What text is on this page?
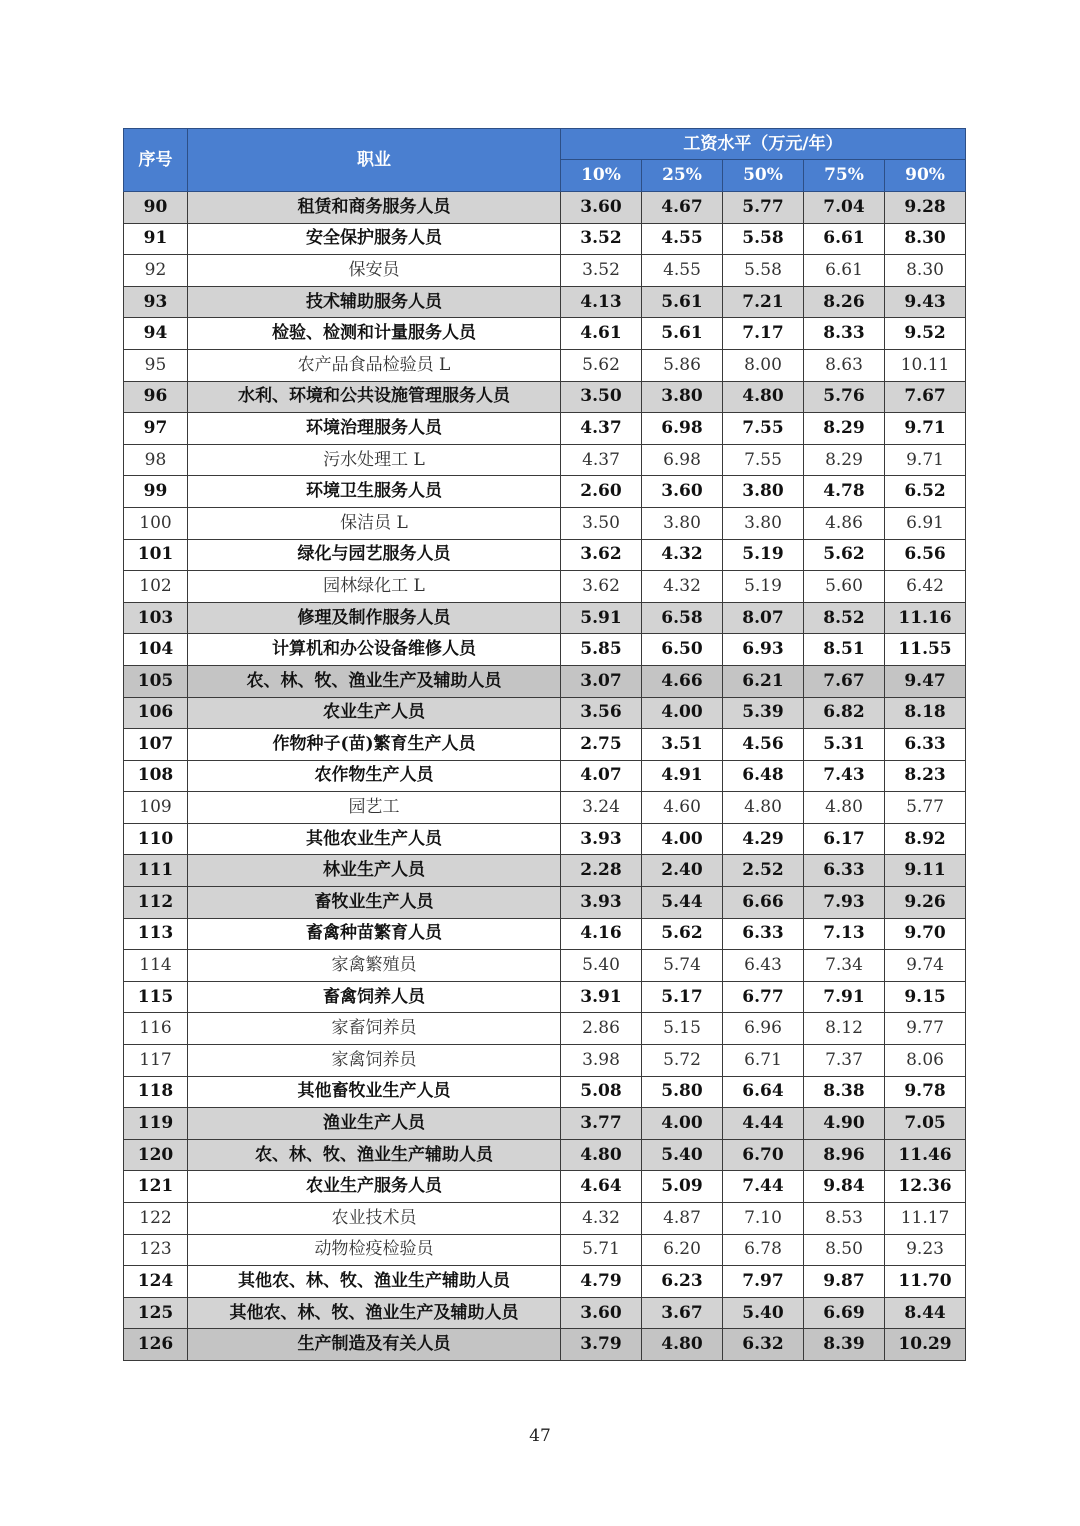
序号	职业	工资水平（万元/年）				
		10%	25%	50%	75%	90%
90	租赁和商务服务人员	3.60	4.67	5.77	7.04	9.28
91	安全保护服务人员	3.52	4.55	5.58	6.61	8.30
92	保安员	3.52	4.55	5.58	6.61	8.30
93	技术辅助服务人员	4.13	5.61	7.21	8.26	9.43
94	检验、检测和计量服务人员	4.61	5.61	7.17	8.33	9.52
95	农产品食品检验员 L	5.62	5.86	8.00	8.63	10.11
96	水利、环境和公共设施管理服务人员	3.50	3.80	4.80	5.76	7.67
97	环境治理服务人员	4.37	6.98	7.55	8.29	9.71
98	污水处理工 L	4.37	6.98	7.55	8.29	9.71
99	环境卫生服务人员	2.60	3.60	3.80	4.78	6.52
100	保洁员 L	3.50	3.80	3.80	4.86	6.91
101	绿化与园艺服务人员	3.62	4.32	5.19	5.62	6.56
102	园林绿化工 L	3.62	4.32	5.19	5.60	6.42
103	修理及制作服务人员	5.91	6.58	8.07	8.52	11.16
104	计算机和办公设备维修人员	5.85	6.50	6.93	8.51	11.55
105	农、林、牧、渔业生产及辅助人员	3.07	4.66	6.21	7.67	9.47
106	农业生产人员	3.56	4.00	5.39	6.82	8.18
107	作物种子(苗)繁育生产人员	2.75	3.51	4.56	5.31	6.33
108	农作物生产人员	4.07	4.91	6.48	7.43	8.23
109	园艺工	3.24	4.60	4.80	4.80	5.77
110	其他农业生产人员	3.93	4.00	4.29	6.17	8.92
111	林业生产人员	2.28	2.40	2.52	6.33	9.11
112	畜牧业生产人员	3.93	5.44	6.66	7.93	9.26
113	畜禽种苗繁育人员	4.16	5.62	6.33	7.13	9.70
114	家禽繁殖员	5.40	5.74	6.43	7.34	9.74
115	畜禽饲养人员	3.91	5.17	6.77	7.91	9.15
116	家畜饲养员	2.86	5.15	6.96	8.12	9.77
117	家禽饲养员	3.98	5.72	6.71	7.37	8.06
118	其他畜牧业生产人员	5.08	5.80	6.64	8.38	9.78
119	渔业生产人员	3.77	4.00	4.44	4.90	7.05
120	农、林、牧、渔业生产辅助人员	4.80	5.40	6.70	8.96	11.46
121	农业生产服务人员	4.64	5.09	7.44	9.84	12.36
122	农业技术员	4.32	4.87	7.10	8.53	11.17
123	动物检疫检验员	5.71	6.20	6.78	8.50	9.23
124	其他农、林、牧、渔业生产辅助人员	4.79	6.23	7.97	9.87	11.70
125	其他农、林、牧、渔业生产及辅助人员	3.60	3.67	5.40	6.69	8.44
126	生产制造及有关人员	3.79	4.80	6.32	8.39	10.29
47
